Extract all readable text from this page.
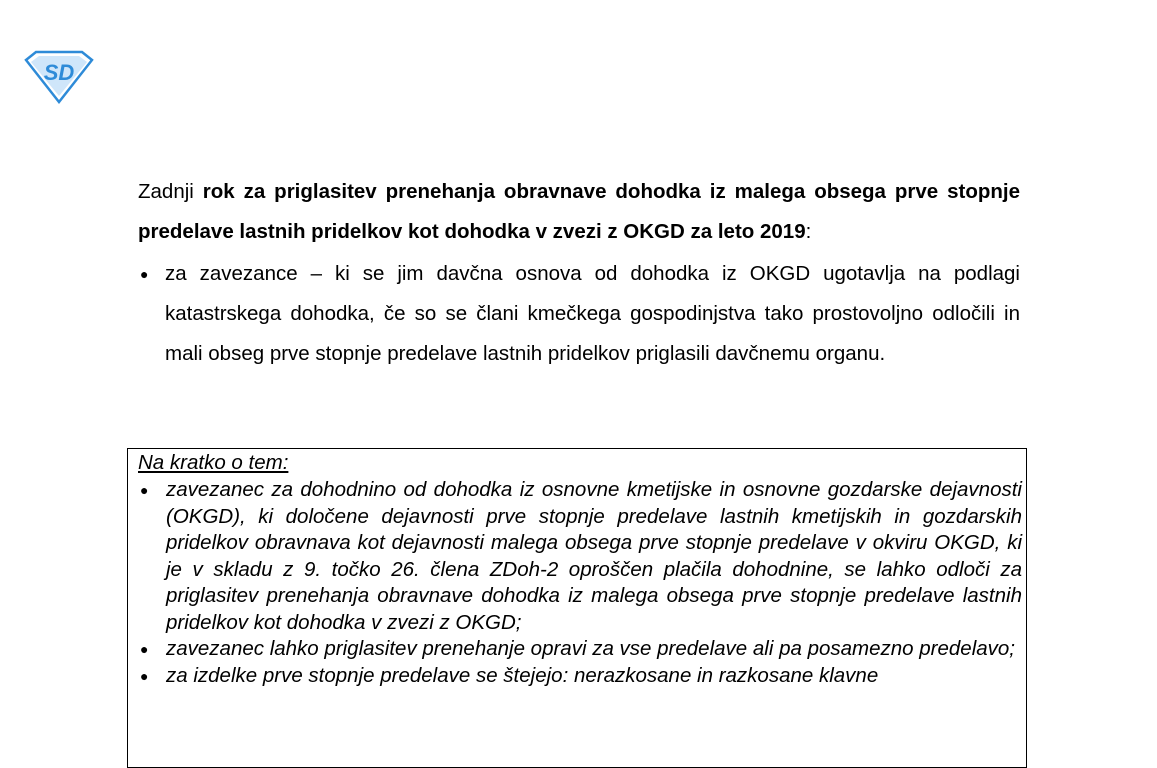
SD
Zadnji rok za priglasitev prenehanja obravnave dohodka iz malega obsega prve stopnje predelave lastnih pridelkov kot dohodka v zvezi z OKGD za leto 2019:
● za zavezance – ki se jim davčna osnova od dohodka iz OKGD ugotavlja na podlagi katastrskega dohodka, če so se člani kmečkega gospodinjstva tako prostovoljno odločili in mali obseg prve stopnje predelave lastnih pridelkov priglasili davčnemu organu.
Na kratko o tem:
● zavezanec za dohodnino od dohodka iz osnovne kmetijske in osnovne gozdarske dejavnosti (OKGD), ki določene dejavnosti prve stopnje predelave lastnih kmetijskih in gozdarskih pridelkov obravnava kot dejavnosti malega obsega prve stopnje predelave v okviru OKGD, ki je v skladu z 9. točko 26. člena ZDoh-2 oproščen plačila dohodnine, se lahko odloči za priglasitev prenehanja obravnave dohodka iz malega obsega prve stopnje predelave lastnih pridelkov kot dohodka v zvezi z OKGD;
● zavezanec lahko priglasitev prenehanje opravi za vse predelave ali pa posamezno predelavo;
● za izdelke prve stopnje predelave se štejejo: nerazkosane in razkosane klavne
